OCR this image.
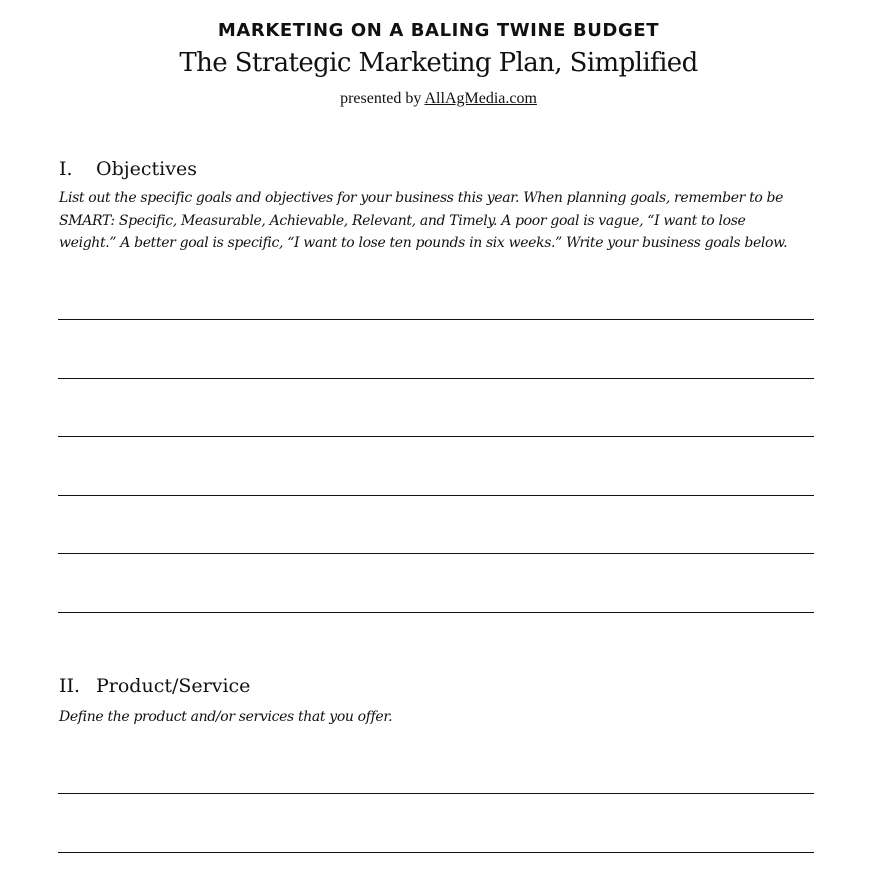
MARKETING ON A BALING TWINE BUDGET
The Strategic Marketing Plan, Simplified
presented by AllAgMedia.com
I. Objectives
List out the specific goals and objectives for your business this year. When planning goals, remember to be SMART: Specific, Measurable, Achievable, Relevant, and Timely. A poor goal is vague, “I want to lose weight.” A better goal is specific, “I want to lose ten pounds in six weeks.” Write your business goals below.
II. Product/Service
Define the product and/or services that you offer.
